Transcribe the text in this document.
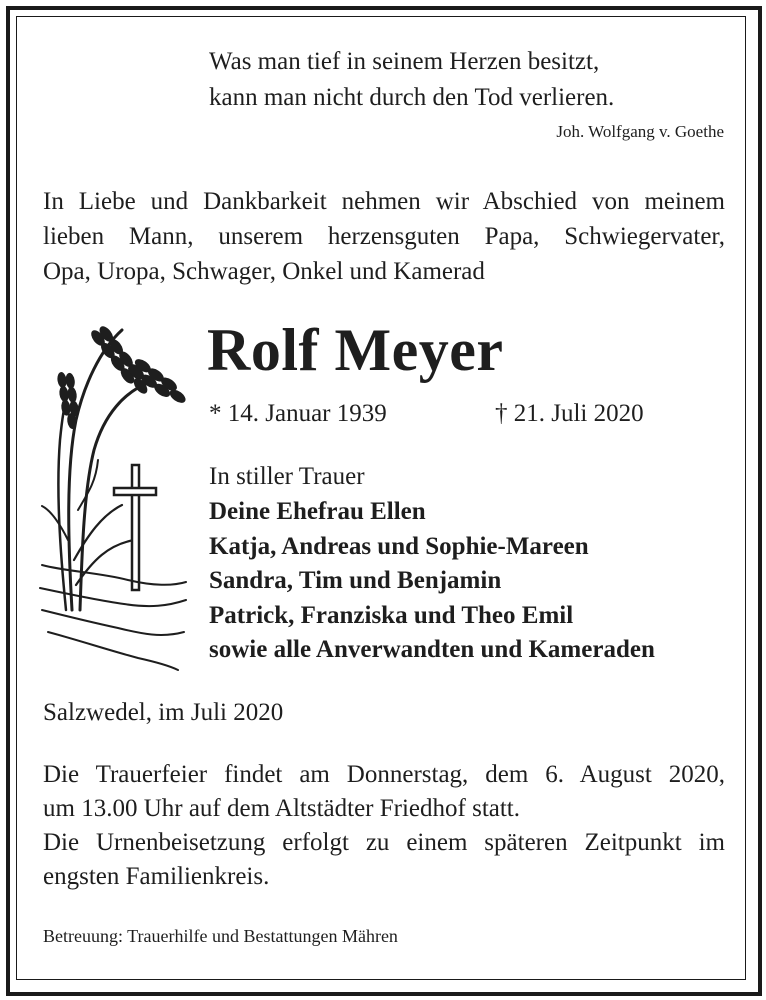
Was man tief in seinem Herzen besitzt,
kann man nicht durch den Tod verlieren.
Joh. Wolfgang v. Goethe
In Liebe und Dankbarkeit nehmen wir Abschied von meinem
lieben Mann, unserem herzensguten Papa, Schwiegervater,
Opa, Uropa, Schwager, Onkel und Kamerad
Rolf Meyer
* 14. Januar 1939	† 21. Juli 2020
In stiller Trauer
Deine Ehefrau Ellen
Katja, Andreas und Sophie-Mareen
Sandra, Tim und Benjamin
Patrick, Franziska und Theo Emil
sowie alle Anverwandten und Kameraden
Salzwedel, im Juli 2020
Die Trauerfeier findet am Donnerstag, dem 6. August 2020,
um 13.00 Uhr auf dem Altstädter Friedhof statt.
Die Urnenbeisetzung erfolgt zu einem späteren Zeitpunkt im
engsten Familienkreis.
Betreuung: Trauerhilfe und Bestattungen Mähren
